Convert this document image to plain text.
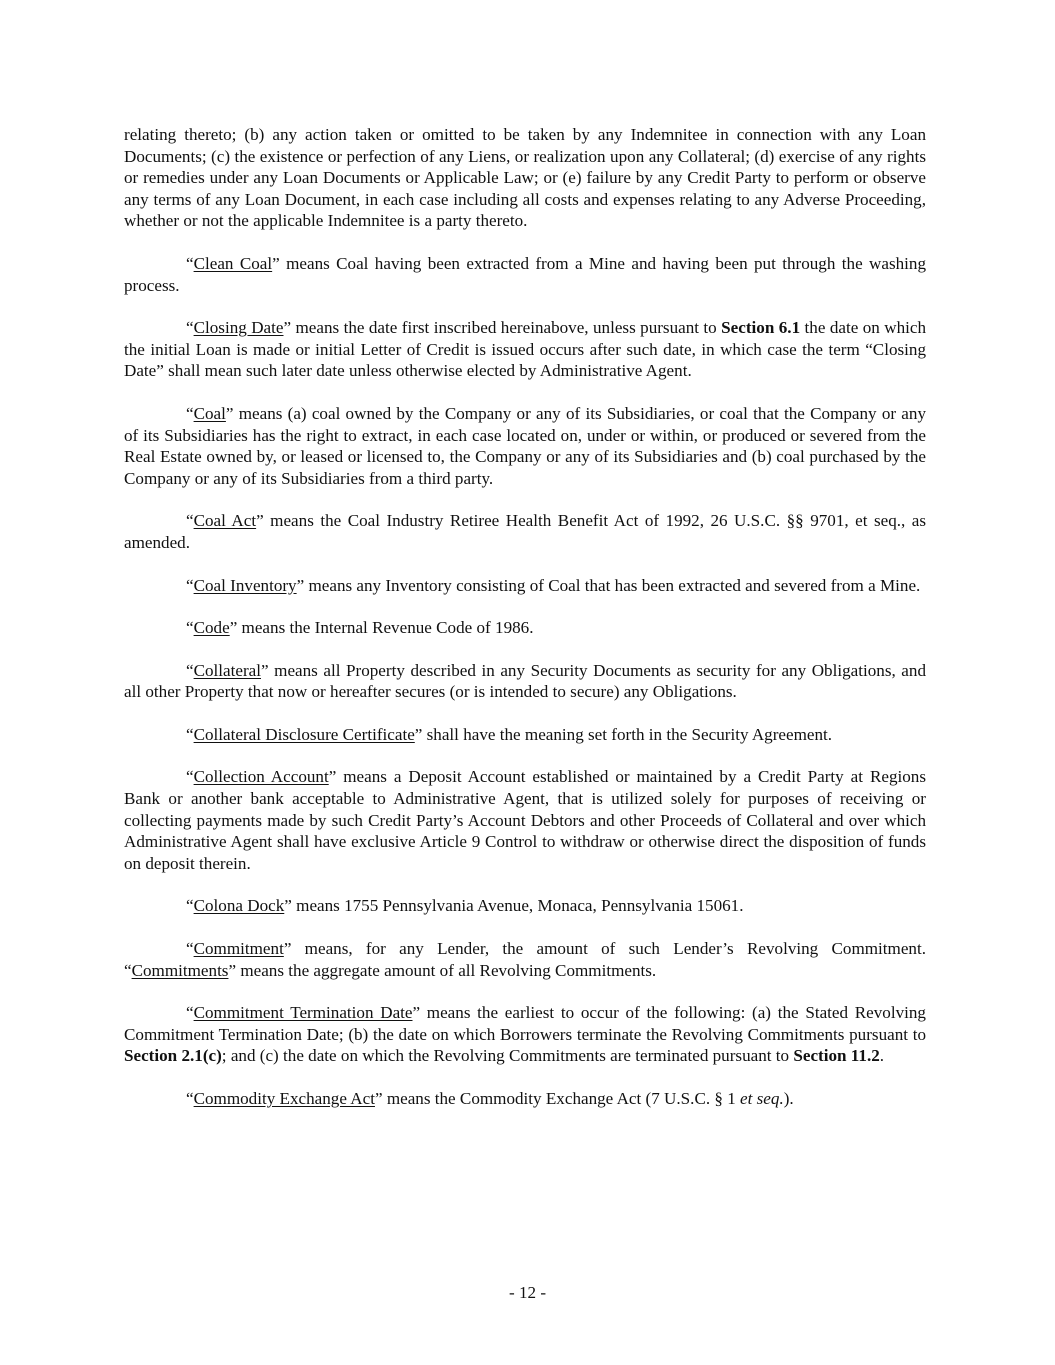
relating thereto; (b) any action taken or omitted to be taken by any Indemnitee in connection with any Loan Documents; (c) the existence or perfection of any Liens, or realization upon any Collateral; (d) exercise of any rights or remedies under any Loan Documents or Applicable Law; or (e) failure by any Credit Party to perform or observe any terms of any Loan Document, in each case including all costs and expenses relating to any Adverse Proceeding, whether or not the applicable Indemnitee is a party thereto.

“Clean Coal” means Coal having been extracted from a Mine and having been put through the washing process.

“Closing Date” means the date first inscribed hereinabove, unless pursuant to Section 6.1 the date on which the initial Loan is made or initial Letter of Credit is issued occurs after such date, in which case the term “Closing Date” shall mean such later date unless otherwise elected by Administrative Agent.

“Coal” means (a) coal owned by the Company or any of its Subsidiaries, or coal that the Company or any of its Subsidiaries has the right to extract, in each case located on, under or within, or produced or severed from the Real Estate owned by, or leased or licensed to, the Company or any of its Subsidiaries and (b) coal purchased by the Company or any of its Subsidiaries from a third party.

“Coal Act” means the Coal Industry Retiree Health Benefit Act of 1992, 26 U.S.C. §§ 9701, et seq., as amended.

“Coal Inventory” means any Inventory consisting of Coal that has been extracted and severed from a Mine.

“Code” means the Internal Revenue Code of 1986.

“Collateral” means all Property described in any Security Documents as security for any Obligations, and all other Property that now or hereafter secures (or is intended to secure) any Obligations.

“Collateral Disclosure Certificate” shall have the meaning set forth in the Security Agreement.

“Collection Account” means a Deposit Account established or maintained by a Credit Party at Regions Bank or another bank acceptable to Administrative Agent, that is utilized solely for purposes of receiving or collecting payments made by such Credit Party’s Account Debtors and other Proceeds of Collateral and over which Administrative Agent shall have exclusive Article 9 Control to withdraw or otherwise direct the disposition of funds on deposit therein.

“Colona Dock” means 1755 Pennsylvania Avenue, Monaca, Pennsylvania 15061.

“Commitment” means, for any Lender, the amount of such Lender’s Revolving Commitment. “Commitments” means the aggregate amount of all Revolving Commitments.

“Commitment Termination Date” means the earliest to occur of the following: (a) the Stated Revolving Commitment Termination Date; (b) the date on which Borrowers terminate the Revolving Commitments pursuant to Section 2.1(c); and (c) the date on which the Revolving Commitments are terminated pursuant to Section 11.2.

“Commodity Exchange Act” means the Commodity Exchange Act (7 U.S.C. § 1 et seq.).

- 12 -
